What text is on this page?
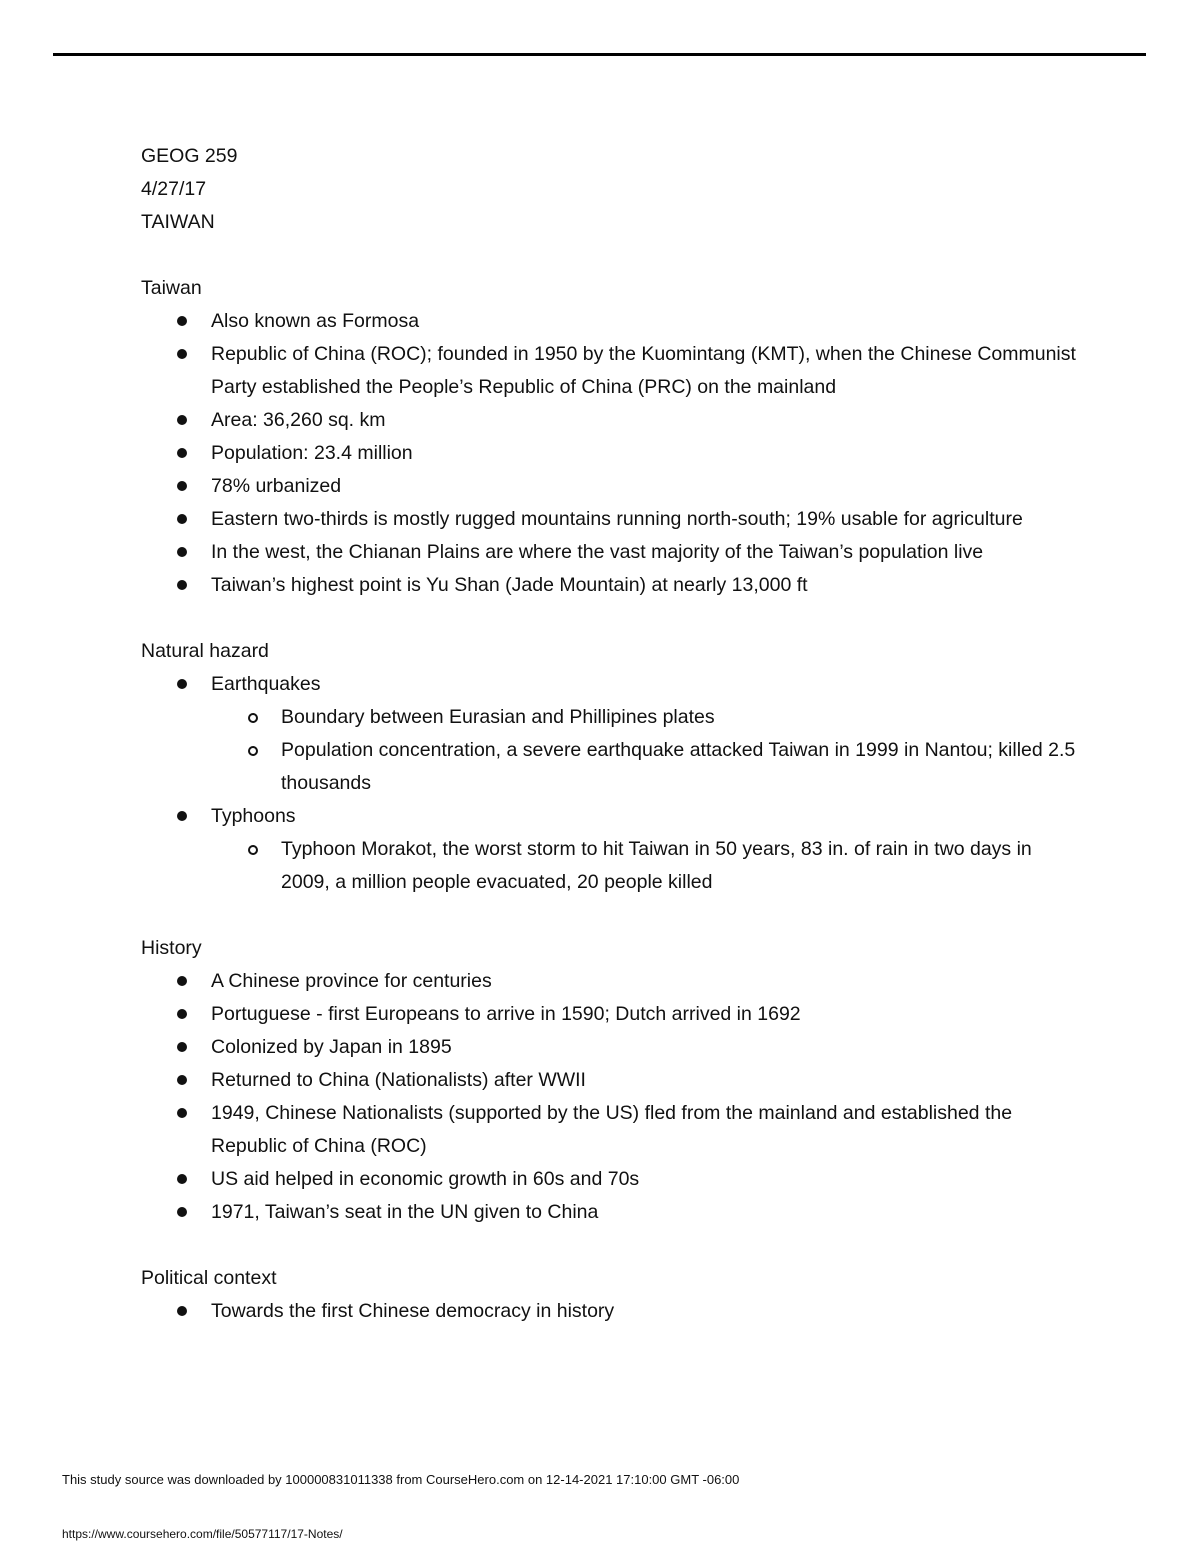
GEOG 259

4/27/17

TAIWAN

Taiwan

Also known as Formosa
Republic of China (ROC); founded in 1950 by the Kuomintang (KMT), when the Chinese Communist Party established the People’s Republic of China (PRC) on the mainland
Area: 36,260 sq. km
Population: 23.4 million
78% urbanized
Eastern two-thirds is mostly rugged mountains running north-south; 19% usable for agriculture
In the west, the Chianan Plains are where the vast majority of the Taiwan’s population live
Taiwan’s highest point is Yu Shan (Jade Mountain) at nearly 13,000 ft

Natural hazard

Earthquakes
Boundary between Eurasian and Phillipines plates
Population concentration, a severe earthquake attacked Taiwan in 1999 in Nantou; killed 2.5 thousands
Typhoons
Typhoon Morakot, the worst storm to hit Taiwan in 50 years, 83 in. of rain in two days in 2009, a million people evacuated, 20 people killed

History

A Chinese province for centuries
Portuguese - first Europeans to arrive in 1590; Dutch arrived in 1692
Colonized by Japan in 1895
Returned to China (Nationalists) after WWII
1949, Chinese Nationalists (supported by the US) fled from the mainland and established the Republic of China (ROC)
US aid helped in economic growth in 60s and 70s
1971, Taiwan’s seat in the UN given to China

Political context

Towards the first Chinese democracy in history
This study source was downloaded by 100000831011338 from CourseHero.com on 12-14-2021 17:10:00 GMT -06:00
https://www.coursehero.com/file/50577117/17-Notes/
